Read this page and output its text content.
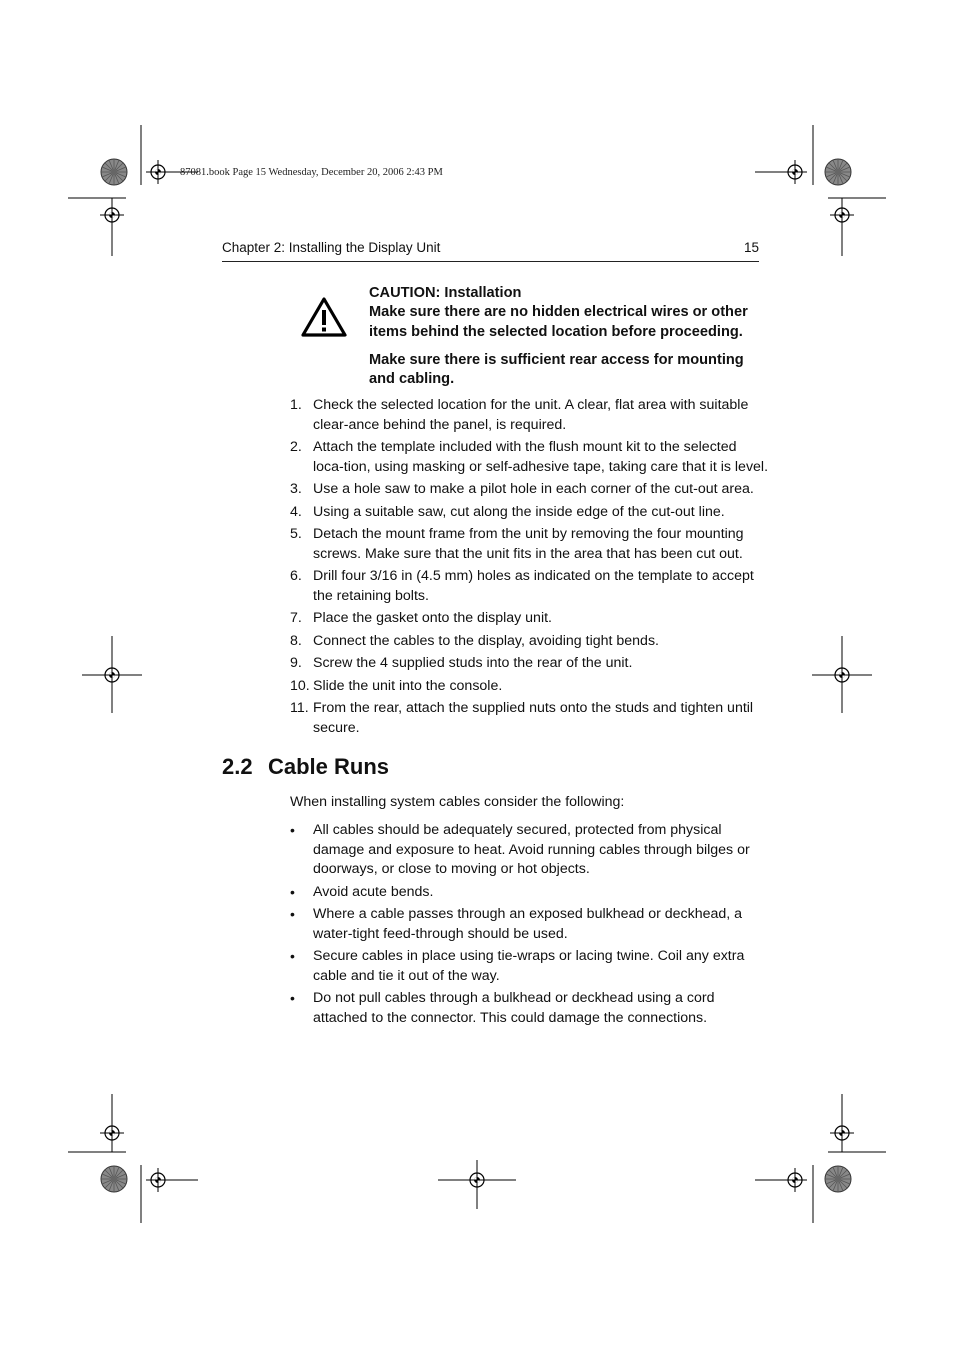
87081.book Page 15 Wednesday, December 20, 2006 2:43 PM
Chapter 2: Installing the Display Unit	15
CAUTION: Installation

Make sure there are no hidden electrical wires or other items behind the selected location before proceeding.

Make sure there is sufficient rear access for mounting and cabling.

1. Check the selected location for the unit. A clear, flat area with suitable clear-ance behind the panel, is required.
2. Attach the template included with the flush mount kit to the selected loca-tion, using masking or self-adhesive tape, taking care that it is level.
3. Use a hole saw to make a pilot hole in each corner of the cut-out area.
4. Using a suitable saw, cut along the inside edge of the cut-out line.
5. Detach the mount frame from the unit by removing the four mounting screws. Make sure that the unit fits in the area that has been cut out.
6. Drill four 3/16 in (4.5 mm) holes as indicated on the template to accept the retaining bolts.
7. Place the gasket onto the display unit.
8. Connect the cables to the display, avoiding tight bends.
9. Screw the 4 supplied studs into the rear of the unit.
10. Slide the unit into the console.
11. From the rear, attach the supplied nuts onto the studs and tighten until secure.
2.2 Cable Runs
When installing system cables consider the following:
• All cables should be adequately secured, protected from physical damage and exposure to heat. Avoid running cables through bilges or doorways, or close to moving or hot objects.
• Avoid acute bends.
• Where a cable passes through an exposed bulkhead or deckhead, a water-tight feed-through should be used.
• Secure cables in place using tie-wraps or lacing twine. Coil any extra cable and tie it out of the way.
• Do not pull cables through a bulkhead or deckhead using a cord attached to the connector. This could damage the connections.
